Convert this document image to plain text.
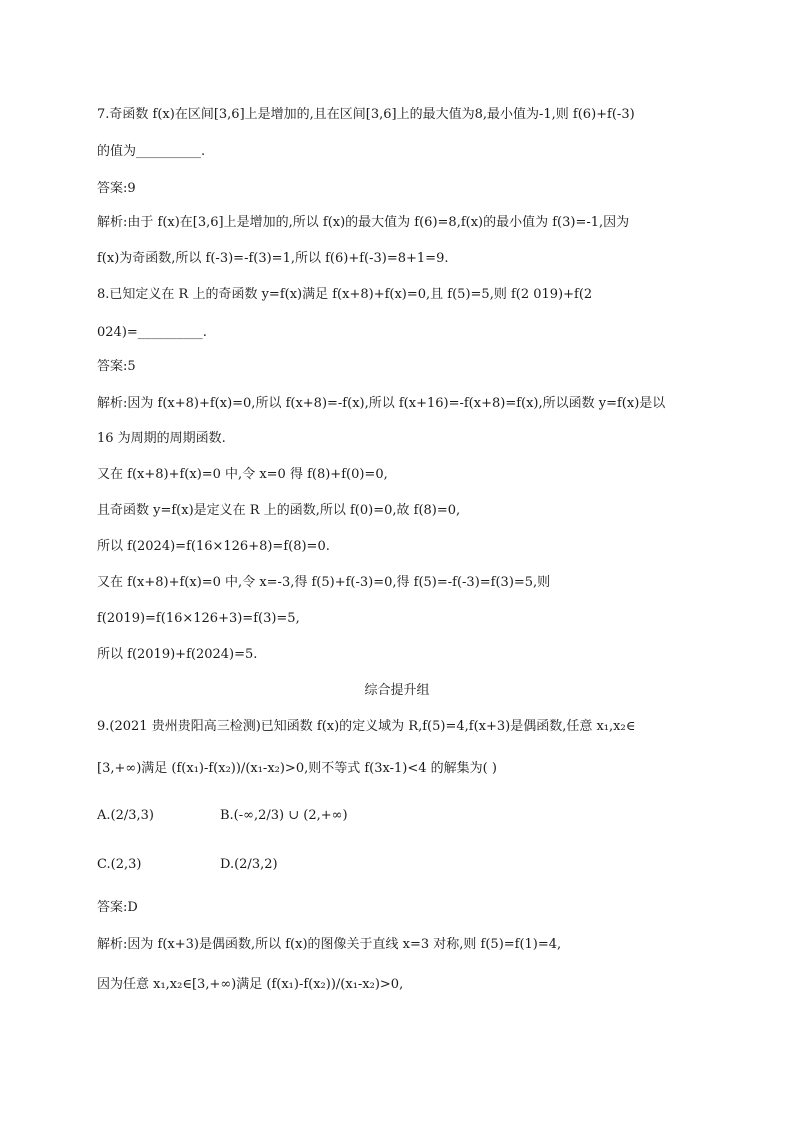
7.奇函数 f(x)在区间[3,6]上是增加的,且在区间[3,6]上的最大值为8,最小值为-1,则 f(6)+f(-3)
的值为__________.
答案:9
解析:由于 f(x)在[3,6]上是增加的,所以 f(x)的最大值为 f(6)=8,f(x)的最小值为 f(3)=-1,因为
f(x)为奇函数,所以 f(-3)=-f(3)=1,所以 f(6)+f(-3)=8+1=9.
8.已知定义在 R 上的奇函数 y=f(x)满足 f(x+8)+f(x)=0,且 f(5)=5,则 f(2 019)+f(2
024)=__________.
答案:5
解析:因为 f(x+8)+f(x)=0,所以 f(x+8)=-f(x),所以 f(x+16)=-f(x+8)=f(x),所以函数 y=f(x)是以
16 为周期的周期函数.
又在 f(x+8)+f(x)=0 中,令 x=0 得 f(8)+f(0)=0,
且奇函数 y=f(x)是定义在 R 上的函数,所以 f(0)=0,故 f(8)=0,
所以 f(2024)=f(16×126+8)=f(8)=0.
又在 f(x+8)+f(x)=0 中,令 x=-3,得 f(5)+f(-3)=0,得 f(5)=-f(-3)=f(3)=5,则
f(2019)=f(16×126+3)=f(3)=5,
所以 f(2019)+f(2024)=5.
综合提升组
9.(2021 贵州贵阳高三检测)已知函数 f(x)的定义域为 R,f(5)=4,f(x+3)是偶函数,任意 x₁,x₂∈
[3,+∞)满足 (f(x₁)-f(x₂))/(x₁-x₂)>0,则不等式 f(3x-1)<4 的解集为( )
A.(2/3,3)	B.(-∞,2/3) ∪ (2,+∞)
C.(2,3)	D.(2/3,2)
答案:D
解析:因为 f(x+3)是偶函数,所以 f(x)的图像关于直线 x=3 对称,则 f(5)=f(1)=4,
因为任意 x₁,x₂∈[3,+∞)满足 (f(x₁)-f(x₂))/(x₁-x₂)>0,
